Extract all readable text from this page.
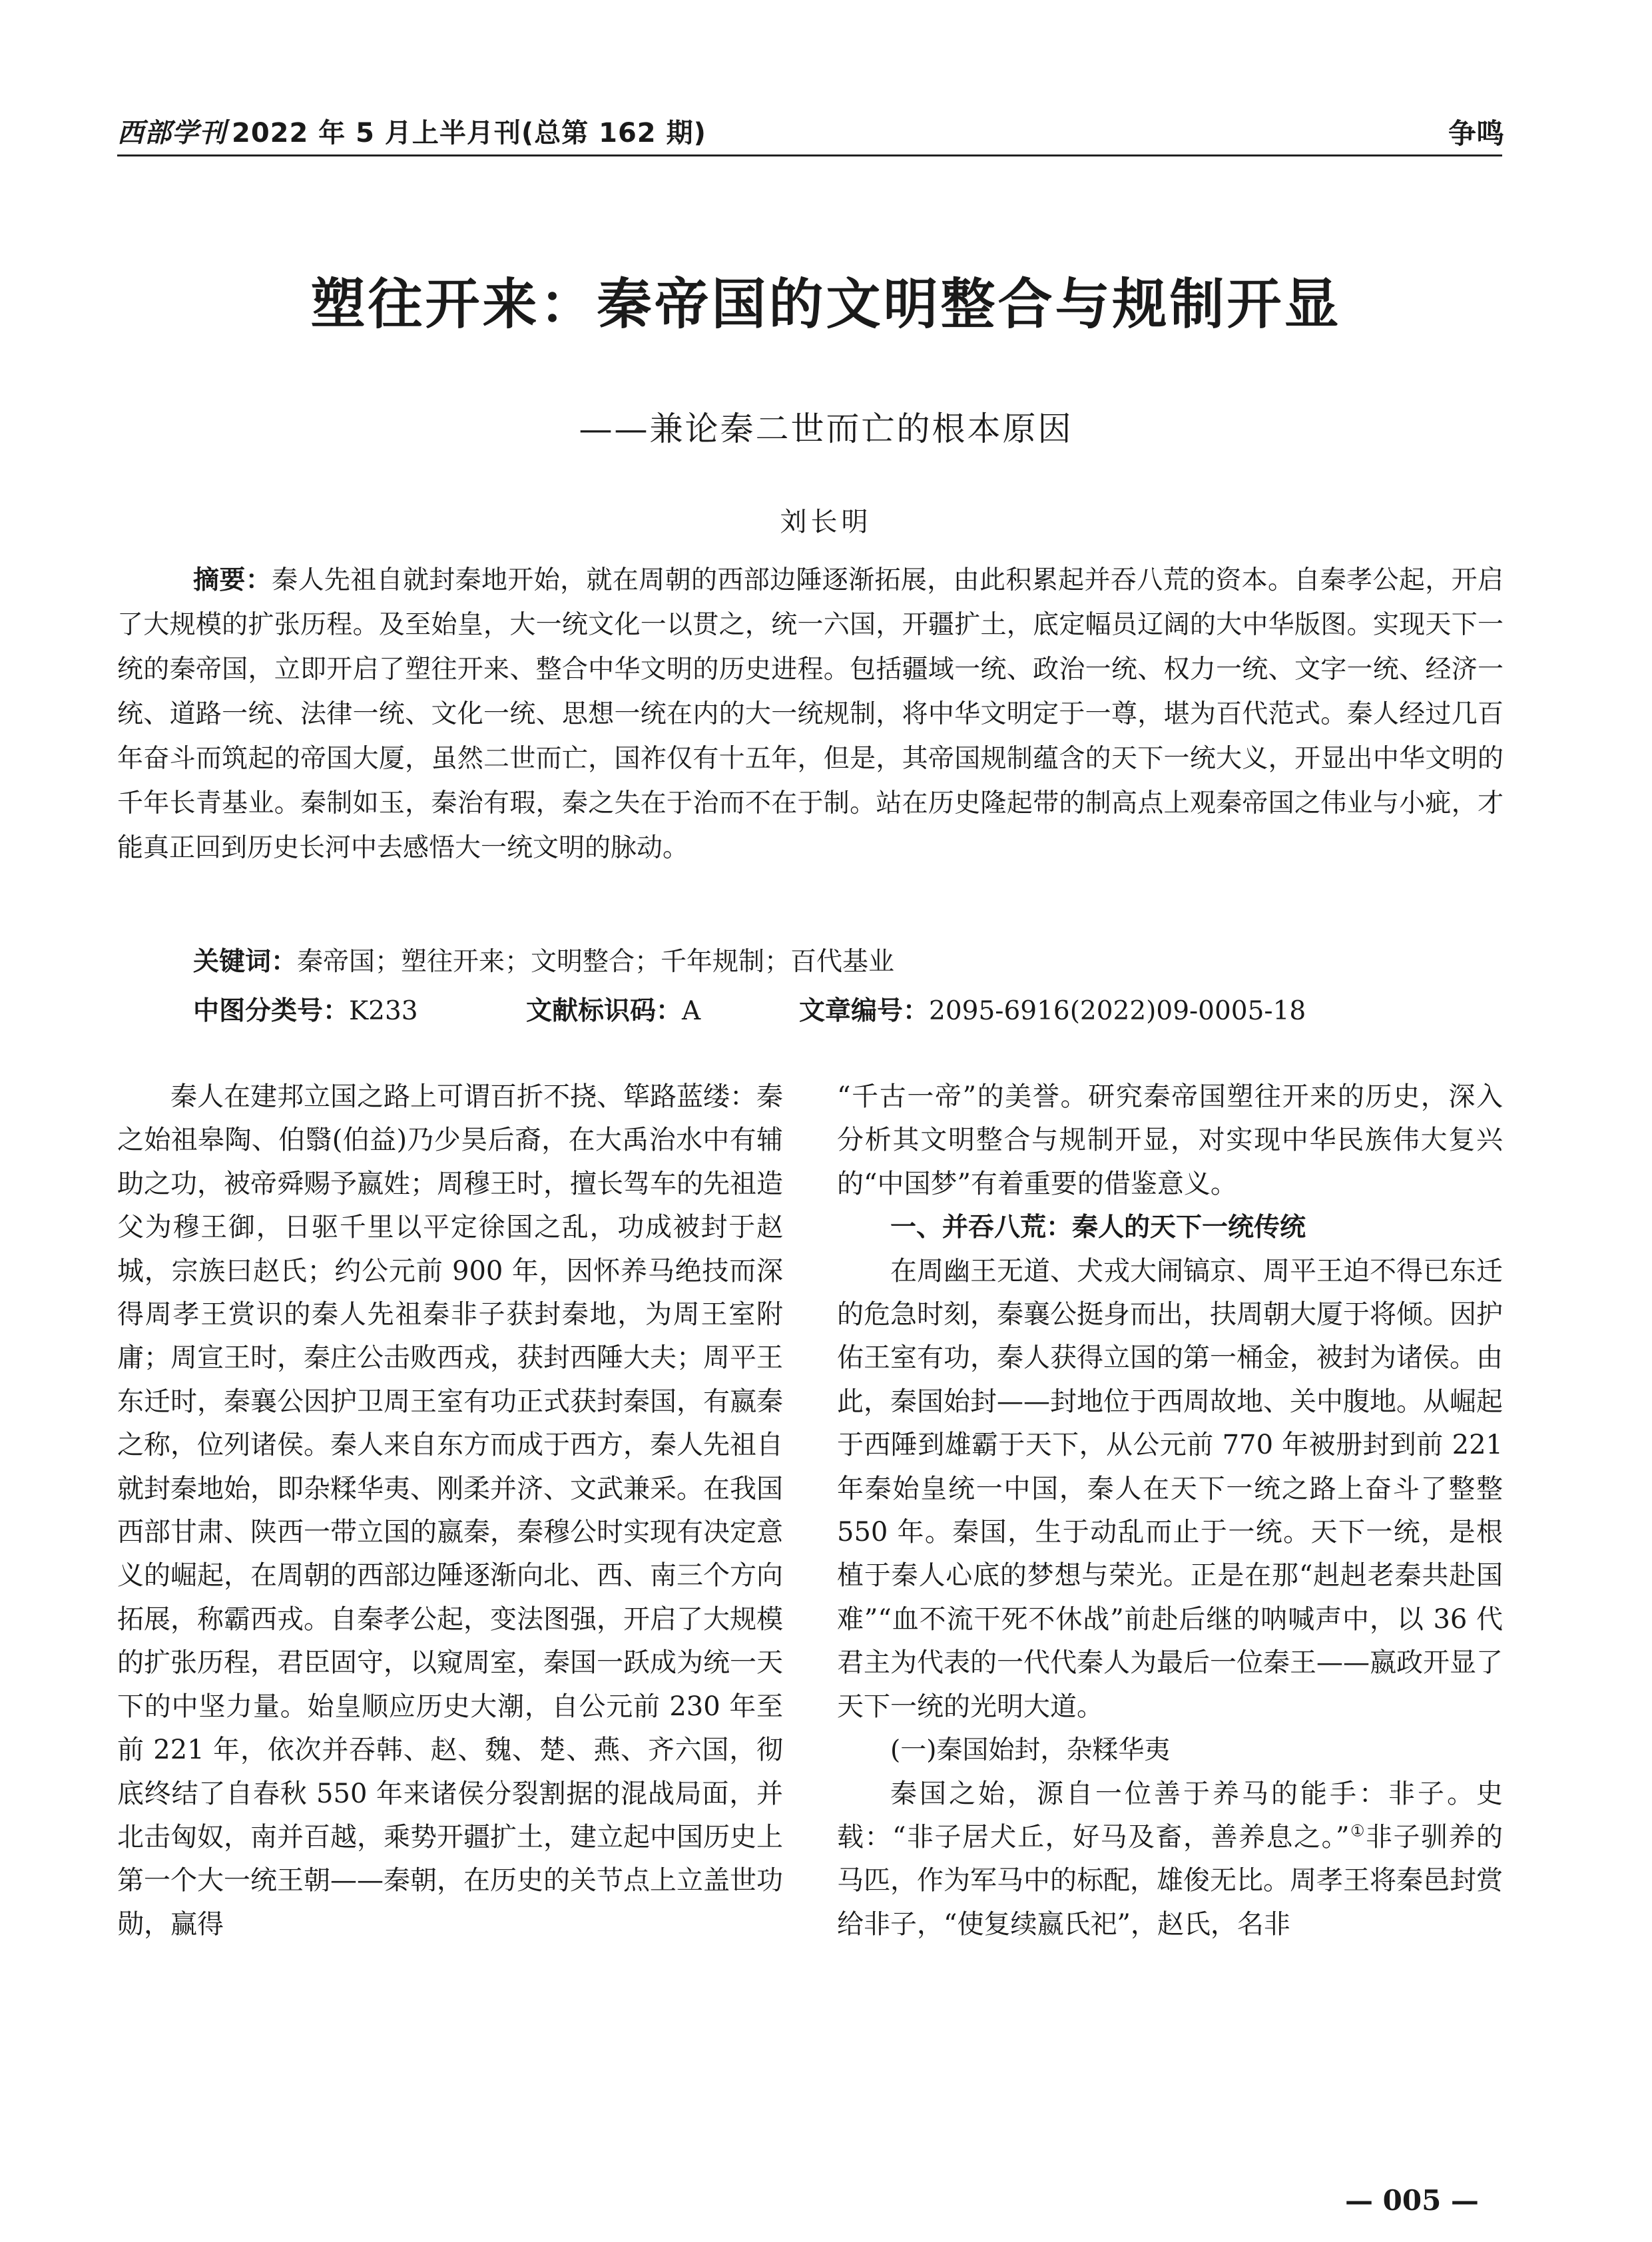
西部学刊 2022 年 5 月上半月刊(总第 162 期)	争鸣
塑往开来：秦帝国的文明整合与规制开显
——兼论秦二世而亡的根本原因
刘长明
摘要：秦人先祖自就封秦地开始，就在周朝的西部边陲逐渐拓展，由此积累起并吞八荒的资本。自秦孝公起，开启了大规模的扩张历程。及至始皇，大一统文化一以贯之，统一六国，开疆扩土，底定幅员辽阔的大中华版图。实现天下一统的秦帝国，立即开启了塑往开来、整合中华文明的历史进程。包括疆域一统、政治一统、权力一统、文字一统、经济一统、道路一统、法律一统、文化一统、思想一统在内的大一统规制，将中华文明定于一尊，堪为百代范式。秦人经过几百年奋斗而筑起的帝国大厦，虽然二世而亡，国祚仅有十五年，但是，其帝国规制蕴含的天下一统大义，开显出中华文明的千年长青基业。秦制如玉，秦治有瑕，秦之失在于治而不在于制。站在历史隆起带的制高点上观秦帝国之伟业与小疵，才能真正回到历史长河中去感悟大一统文明的脉动。
关键词：秦帝国；塑往开来；文明整合；千年规制；百代基业
中图分类号：K233	文献标识码：A	文章编号：2095-6916(2022)09-0005-18

秦人在建邦立国之路上可谓百折不挠、筚路蓝缕：秦之始祖皋陶、伯翳(伯益)乃少昊后裔，在大禹治水中有辅助之功，被帝舜赐予嬴姓；周穆王时，擅长驾车的先祖造父为穆王御，日驱千里以平定徐国之乱，功成被封于赵城，宗族曰赵氏；约公元前 900 年，因怀养马绝技而深得周孝王赏识的秦人先祖秦非子获封秦地，为周王室附庸；周宣王时，秦庄公击败西戎，获封西陲大夫；周平王东迁时，秦襄公因护卫周王室有功正式获封秦国，有嬴秦之称，位列诸侯。秦人来自东方而成于西方，秦人先祖自就封秦地始，即杂糅华夷、刚柔并济、文武兼采。在我国西部甘肃、陕西一带立国的嬴秦，秦穆公时实现有决定意义的崛起，在周朝的西部边陲逐渐向北、西、南三个方向拓展，称霸西戎。自秦孝公起，变法图强，开启了大规模的扩张历程，君臣固守，以窥周室，秦国一跃成为统一天下的中坚力量。始皇顺应历史大潮，自公元前 230 年至前 221 年，依次并吞韩、赵、魏、楚、燕、齐六国，彻底终结了自春秋 550 年来诸侯分裂割据的混战局面，并北击匈奴，南并百越，乘势开疆扩土，建立起中国历史上第一个大一统王朝——秦朝，在历史的关节点上立盖世功勋，赢得

“千古一帝”的美誉。研究秦帝国塑往开来的历史，深入分析其文明整合与规制开显，对实现中华民族伟大复兴的“中国梦”有着重要的借鉴意义。

一、并吞八荒：秦人的天下一统传统

在周幽王无道、犬戎大闹镐京、周平王迫不得已东迁的危急时刻，秦襄公挺身而出，扶周朝大厦于将倾。因护佑王室有功，秦人获得立国的第一桶金，被封为诸侯。由此，秦国始封——封地位于西周故地、关中腹地。从崛起于西陲到雄霸于天下，从公元前 770 年被册封到前 221 年秦始皇统一中国，秦人在天下一统之路上奋斗了整整 550 年。秦国，生于动乱而止于一统。天下一统，是根植于秦人心底的梦想与荣光。正是在那“赳赳老秦共赴国难”“血不流干死不休战”前赴后继的呐喊声中，以 36 代君主为代表的一代代秦人为最后一位秦王——嬴政开显了天下一统的光明大道。

(一)秦国始封，杂糅华夷

秦国之始，源自一位善于养马的能手：非子。史载：“非子居犬丘，好马及畜，善养息之。”①非子驯养的马匹，作为军马中的标配，雄俊无比。周孝王将秦邑封赏给非子，“使复续嬴氏祀”，赵氏，名非

— 005 —
